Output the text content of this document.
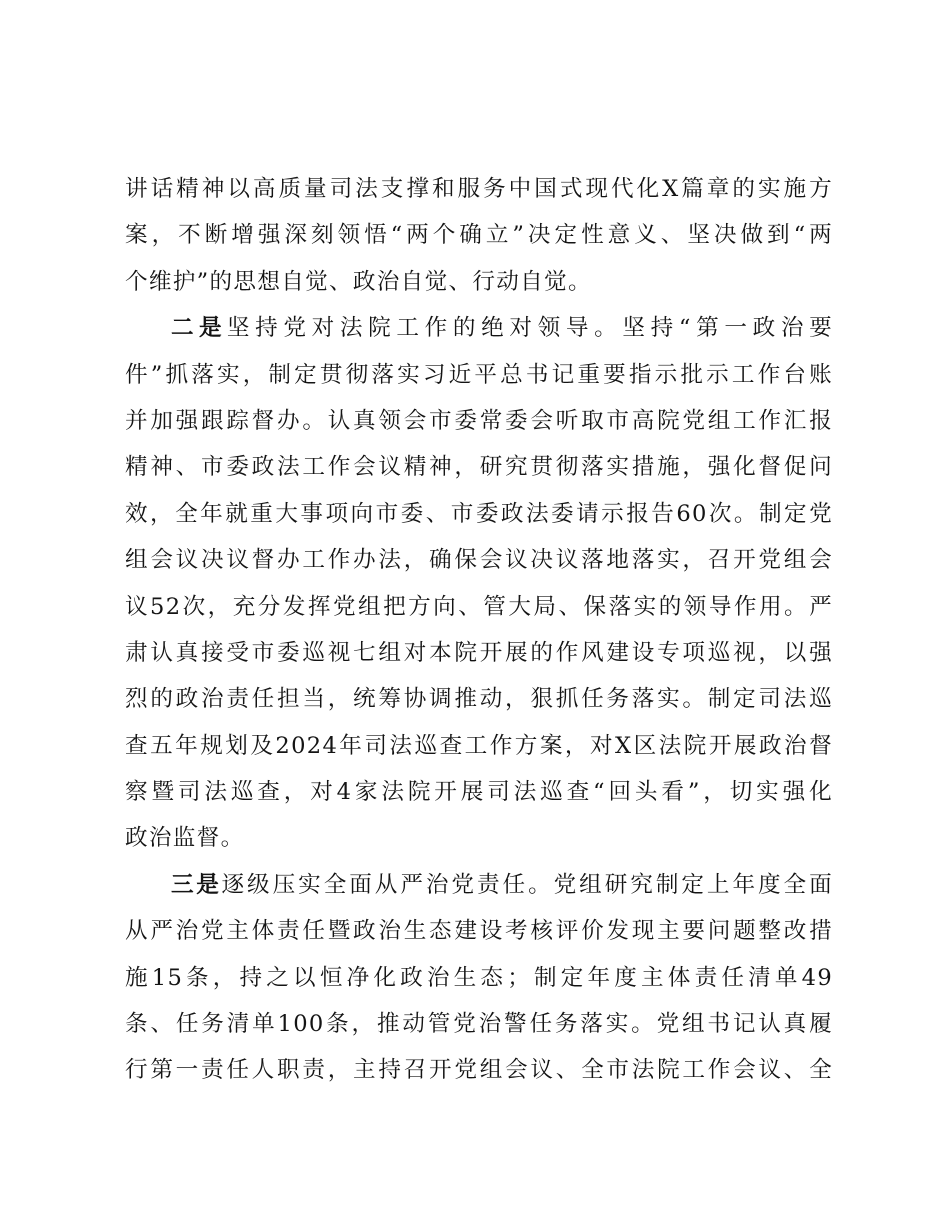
讲话精神以高质量司法支撑和服务中国式现代化X篇章的实施方
案，不断增强深刻领悟“两个确立”决定性意义、坚决做到“两
个维护”的思想自觉、政治自觉、行动自觉。
二是坚持党对法院工作的绝对领导。坚持“第一政治要
件”抓落实，制定贯彻落实习近平总书记重要指示批示工作台账
并加强跟踪督办。认真领会市委常委会听取市高院党组工作汇报
精神、市委政法工作会议精神，研究贯彻落实措施，强化督促问
效，全年就重大事项向市委、市委政法委请示报告60次。制定党
组会议决议督办工作办法，确保会议决议落地落实，召开党组会
议52次，充分发挥党组把方向、管大局、保落实的领导作用。严
肃认真接受市委巡视七组对本院开展的作风建设专项巡视，以强
烈的政治责任担当，统筹协调推动，狠抓任务落实。制定司法巡
查五年规划及2024年司法巡查工作方案，对X区法院开展政治督
察暨司法巡查，对4家法院开展司法巡查“回头看”，切实强化
政治监督。
三是逐级压实全面从严治党责任。党组研究制定上年度全面
从严治党主体责任暨政治生态建设考核评价发现主要问题整改措
施15条，持之以恒净化政治生态；制定年度主体责任清单49
条、任务清单100条，推动管党治警任务落实。党组书记认真履
行第一责任人职责，主持召开党组会议、全市法院工作会议、全
